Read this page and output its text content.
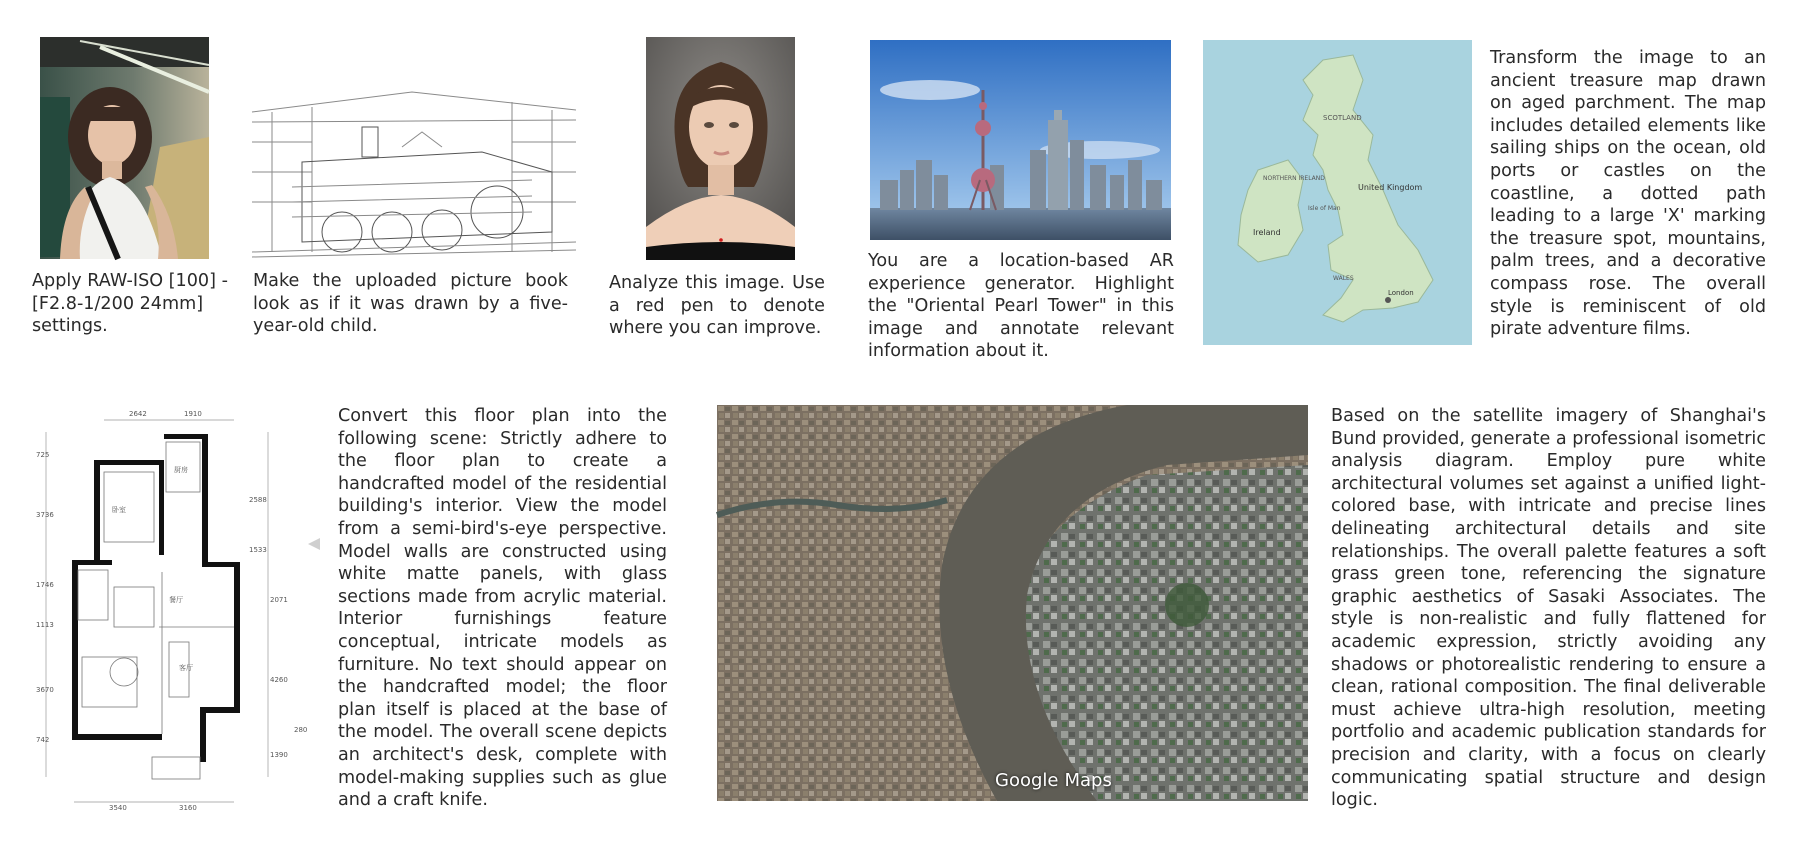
SCOTLAND
NORTHERN IRELAND
Isle of Man
Ireland
United Kingdom
WALES
London

Apply RAW-ISO [100] - [F2.8-1/200 24mm] settings.

Make the uploaded picture book look as if it was drawn by a five-year-old child.

Analyze this image. Use a red pen to denote where you can improve.

You are a location-based AR experience generator. Highlight the "Oriental Pearl Tower" in this image and annotate relevant information about it.

Transform the image to an ancient treasure map drawn on aged parchment. The map includes detailed elements like sailing ships on the ocean, old ports or castles on the coastline, a dotted path leading to a large 'X' marking the treasure spot, mountains, palm trees, and a decorative compass rose. The overall style is reminiscent of old pirate adventure films.

2642	1910
725
3736
1746
1113
3670
742
2588
1533
2071
4260
1390
280
3540	3160
卧室
厨房
餐厅
客厅

Convert this floor plan into the following scene: Strictly adhere to the floor plan to create a handcrafted model of the residential building's interior. View the model from a semi-bird's-eye perspective. Model walls are constructed using white matte panels, with glass sections made from acrylic material. Interior furnishings feature conceptual, intricate models as furniture. No text should appear on the handcrafted model; the floor plan itself is placed at the base of the model. The overall scene depicts an architect's desk, complete with model-making supplies such as glue and a craft knife.

Google Maps

Based on the satellite imagery of Shanghai's Bund provided, generate a professional isometric analysis diagram. Employ pure white architectural volumes set against a unified light-colored base, with intricate and precise lines delineating architectural details and site relationships. The overall palette features a soft grass green tone, referencing the signature graphic aesthetics of Sasaki Associates. The style is non-realistic and fully flattened for academic expression, strictly avoiding any shadows or photorealistic rendering to ensure a clean, rational composition. The final deliverable must achieve ultra-high resolution, meeting portfolio and academic publication standards for precision and clarity, with a focus on clearly communicating spatial structure and design logic.
